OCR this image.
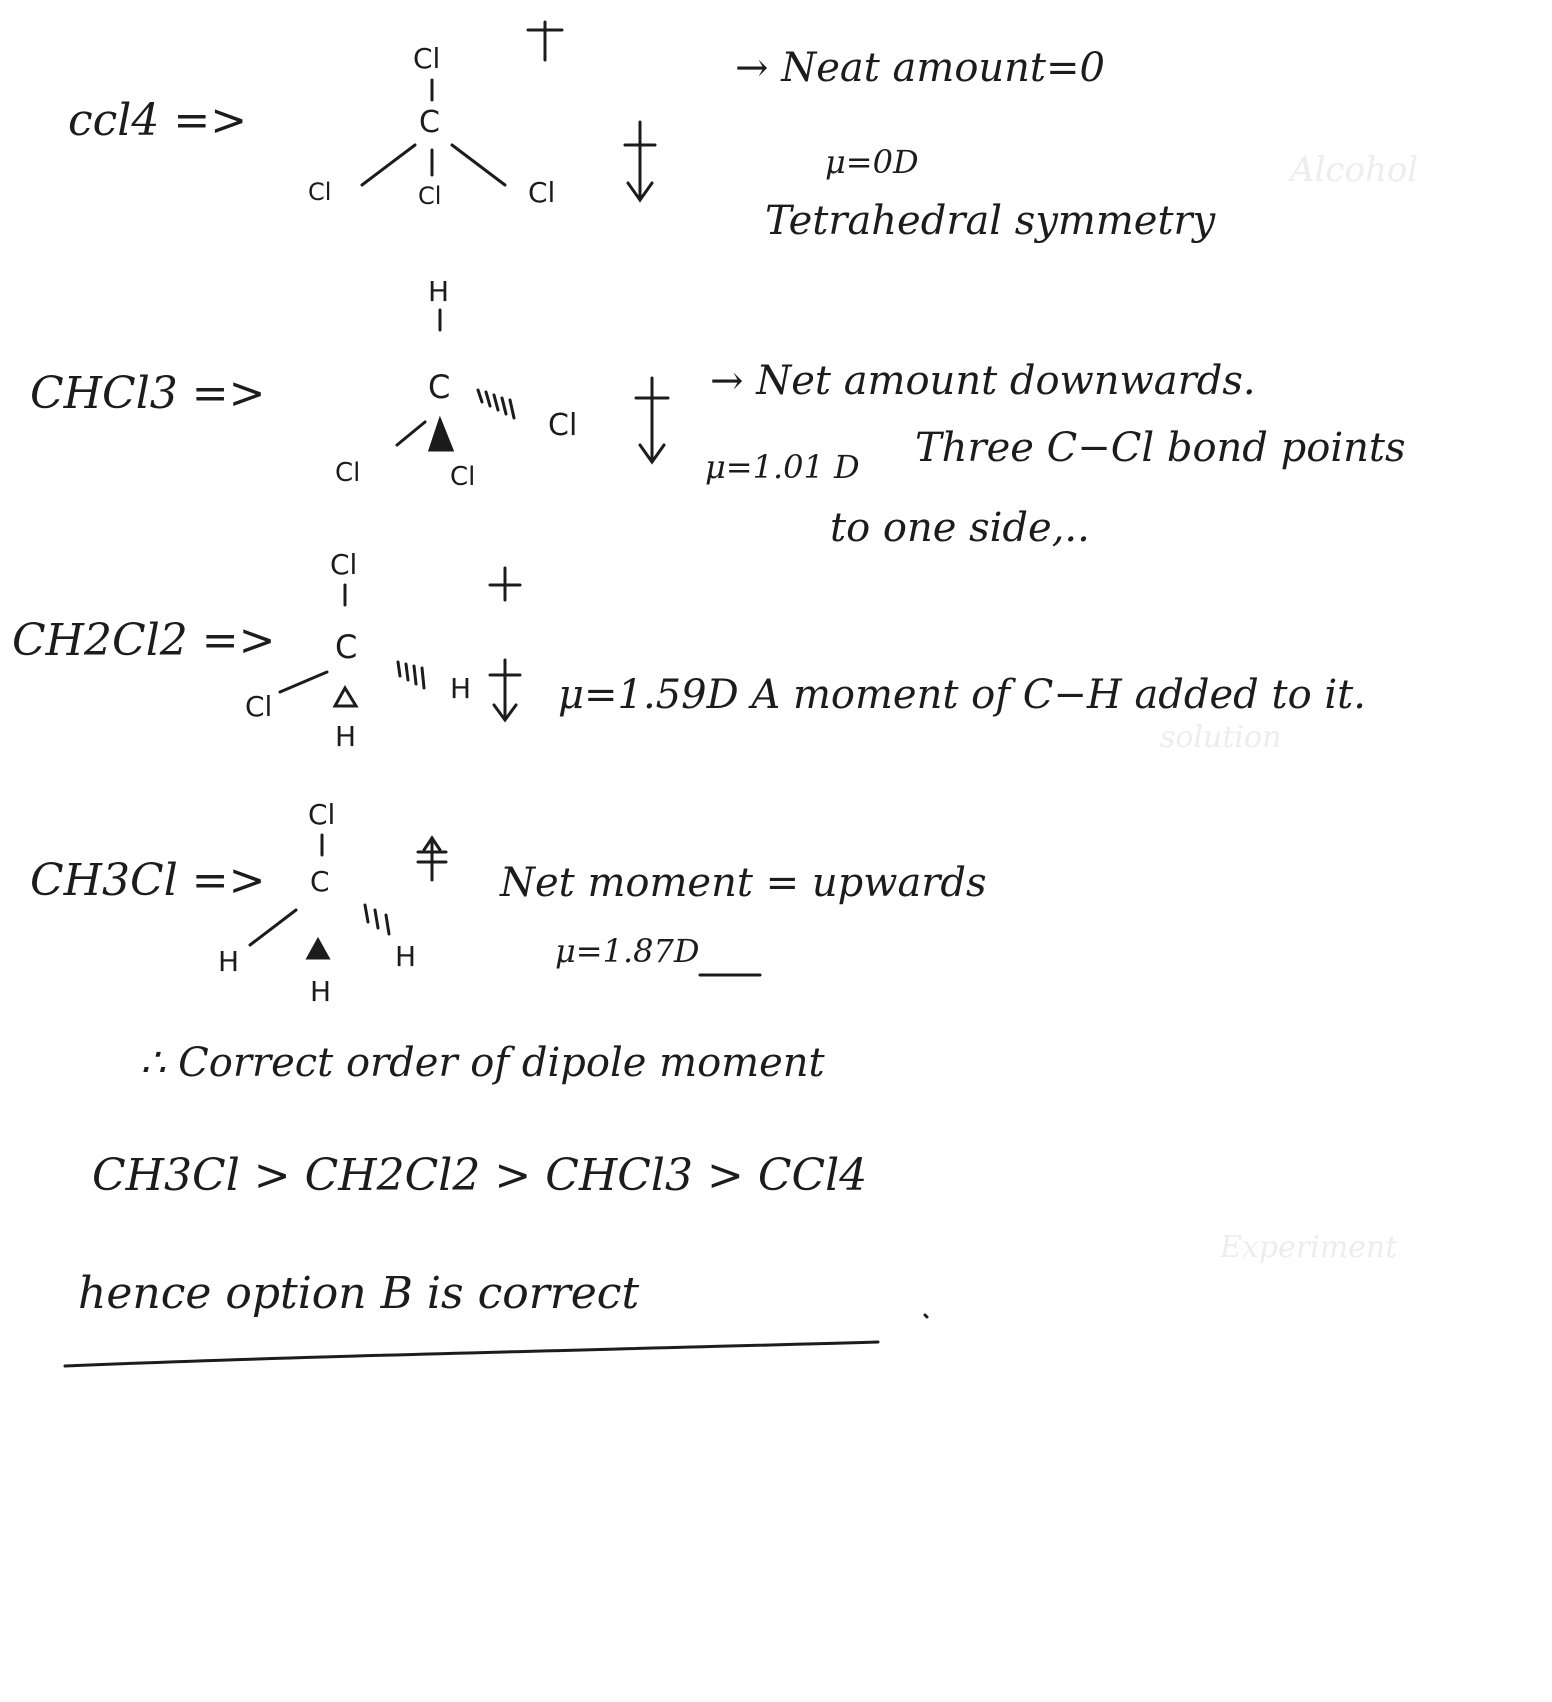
Alcohol
solution
Experiment
ccl4 =>
Cl
C
Cl	Cl	Cl
→ Neat amount=0
μ=0D
Tetrahedral symmetry
CHCl3 =>
H
C
Cl	Cl
Cl
→ Net amount downwards.
μ=1.01 D Three C−Cl bond points
to one side,..
CH2Cl2 =>
Cl
C
Cl
H
H μ=1.59D A moment of C−H added to it.
CH3Cl =>
Cl
C
H
H
H
Net moment = upwards
μ=1.87D
∴ Correct order of dipole moment
CH3Cl > CH2Cl2 > CHCl3 > CCl4
hence option B is correct
